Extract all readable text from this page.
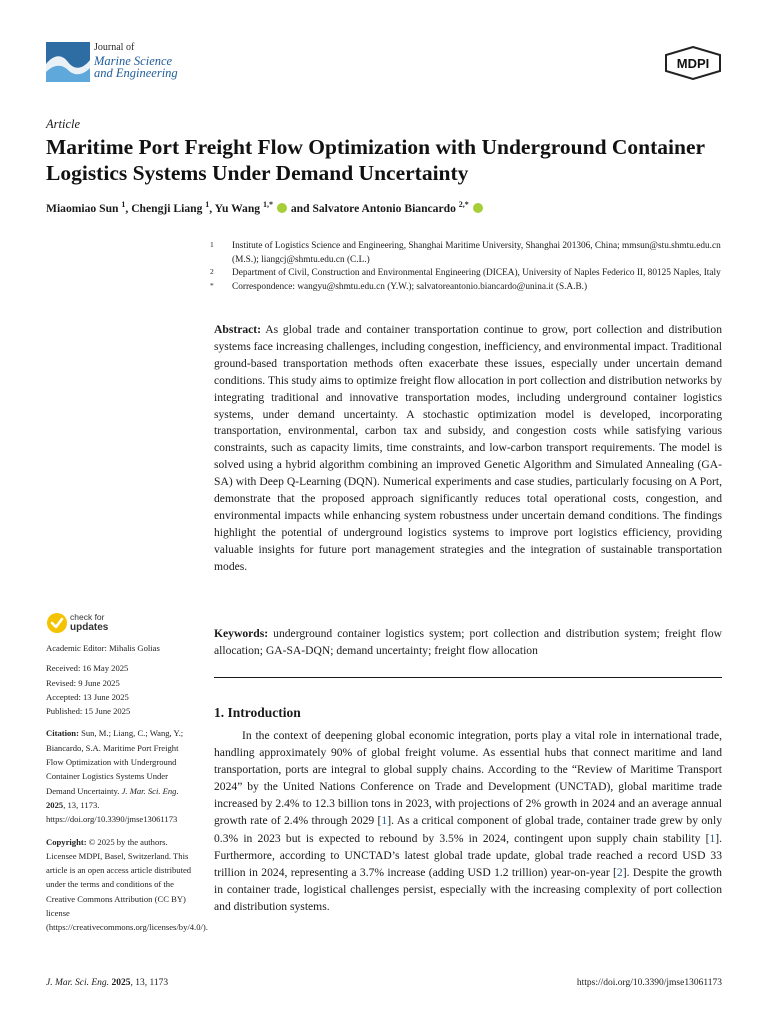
Journal of
Marine Science
and Engineering
MDPI
Article
Maritime Port Freight Flow Optimization with Underground Container Logistics Systems Under Demand Uncertainty
Miaomiao Sun $^1$, Chengji Liang $^1$, Yu Wang $^{1,*}$ and Salvatore Antonio Biancardo $^{2,*}$
1 Institute of Logistics Science and Engineering, Shanghai Maritime University, Shanghai 201306, China; mmsun@stu.shmtu.edu.cn (M.S.); liangcj@shmtu.edu.cn (C.L.)
2 Department of Civil, Construction and Environmental Engineering (DICEA), University of Naples Federico II, 80125 Naples, Italy
* Correspondence: wangyu@shmtu.edu.cn (Y.W.); salvatoreantonio.biancardo@unina.it (S.A.B.)
Abstract: As global trade and container transportation continue to grow, port collection and distribution systems face increasing challenges, including congestion, inefficiency, and environmental impact. Traditional ground-based transportation methods often exacerbate these issues, especially under uncertain demand conditions. This study aims to optimize freight flow allocation in port collection and distribution networks by integrating traditional and innovative transportation modes, including underground container logistics systems, under demand uncertainty. A stochastic optimization model is developed, incorporating transportation, environmental, carbon tax and subsidy, and congestion costs while satisfying various constraints, such as capacity limits, time constraints, and low-carbon transport requirements. The model is solved using a hybrid algorithm combining an improved Genetic Algorithm and Simulated Annealing (GA-SA) with Deep Q-Learning (DQN). Numerical experiments and case studies, particularly focusing on A Port, demonstrate that the proposed approach significantly reduces total operational costs, congestion, and environmental impacts while enhancing system robustness under uncertain demand conditions. The findings highlight the potential of underground logistics systems to improve port logistics efficiency, providing valuable insights for future port management strategies and the integration of sustainable transportation modes.
Keywords: underground container logistics system; port collection and distribution system; freight flow allocation; GA-SA-DQN; demand uncertainty; freight flow allocation
1. Introduction
In the context of deepening global economic integration, ports play a vital role in international trade, handling approximately 90% of global freight volume. As essential hubs that connect maritime and land transportation, ports are integral to global supply chains. According to the “Review of Maritime Transport 2024” by the United Nations Conference on Trade and Development (UNCTAD), global maritime trade increased by 2.4% to 12.3 billion tons in 2023, with projections of 2% growth in 2024 and an average annual growth rate of 2.4% through 2029 [1]. As a critical component of global trade, container trade grew by only 0.3% in 2023 but is expected to rebound by 3.5% in 2024, contingent upon supply chain stability [1]. Furthermore, according to UNCTAD’s latest global trade update, global trade reached a record USD 33 trillion in 2024, representing a 3.7% increase (adding USD 1.2 trillion) year-on-year [2]. Despite the growth in container trade, logistical challenges persist, especially with the increasing complexity of port collection and distribution systems.
check for
updates

Academic Editor: Mihalis Golias

Received: 16 May 2025

Revised: 9 June 2025

Accepted: 13 June 2025

Published: 15 June 2025

Citation: Sun, M.; Liang, C.; Wang, Y.; Biancardo, S.A. Maritime Port Freight Flow Optimization with Underground Container Logistics Systems Under Demand Uncertainty. J. Mar. Sci. Eng. 2025, 13, 1173. https://doi.org/10.3390/jmse13061173

Copyright: © 2025 by the authors. Licensee MDPI, Basel, Switzerland. This article is an open access article distributed under the terms and conditions of the Creative Commons Attribution (CC BY) license (https://creativecommons.org/licenses/by/4.0/).

J. Mar. Sci. Eng. 2025, 13, 1173	https://doi.org/10.3390/jmse13061173
